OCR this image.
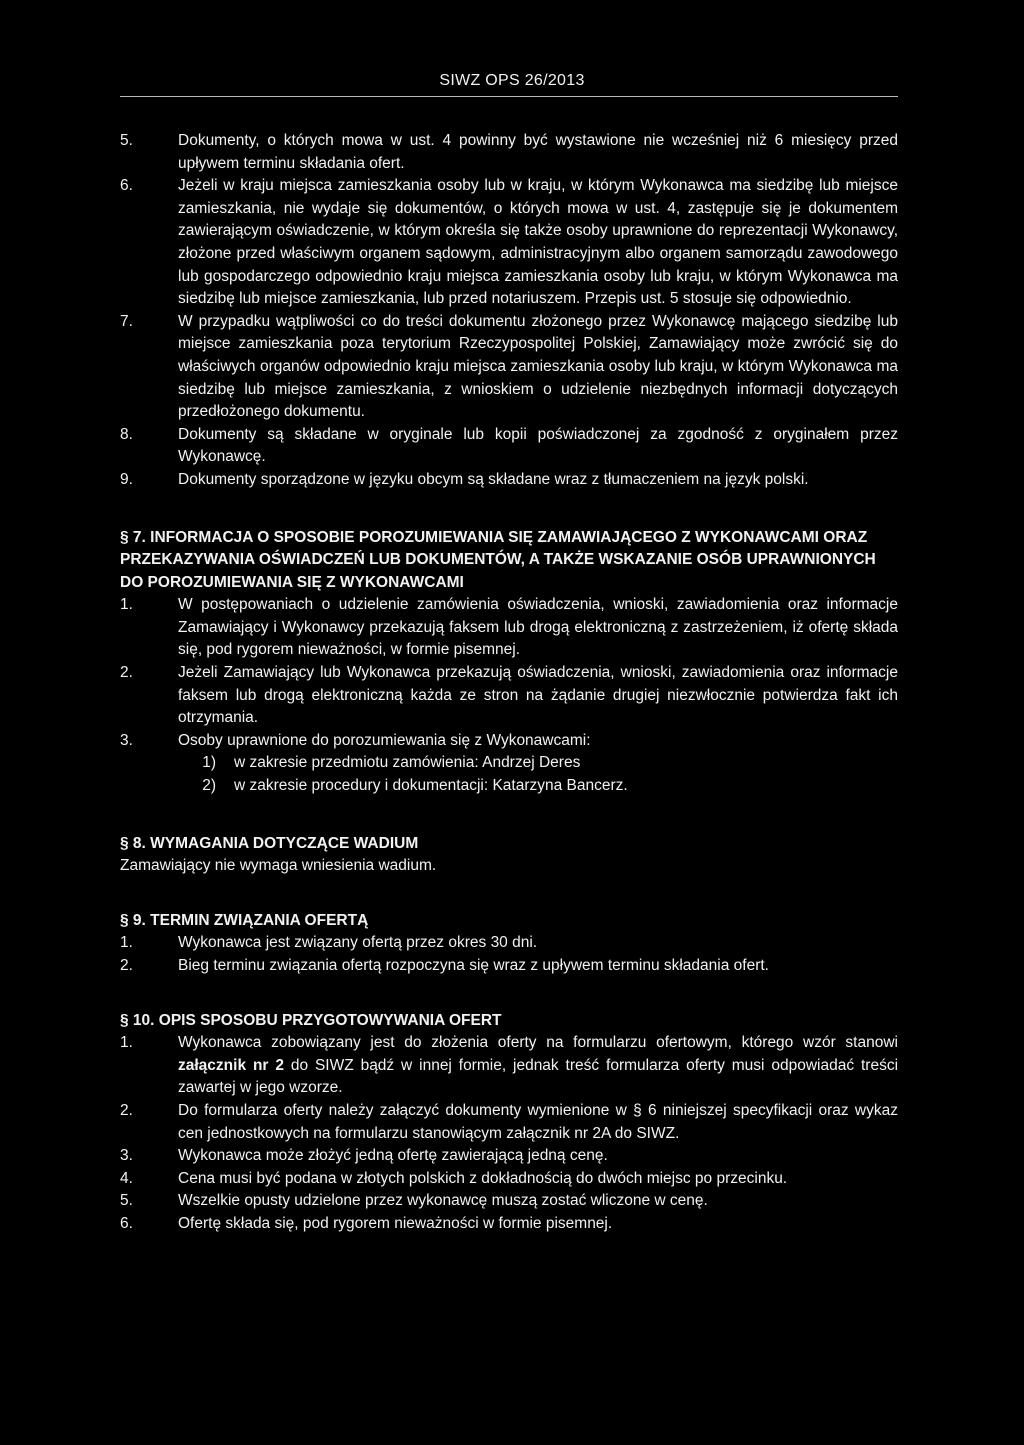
SIWZ OPS 26/2013
5.	Dokumenty, o których mowa w ust. 4 powinny być wystawione nie wcześniej niż 6 miesięcy przed upływem terminu składania ofert.
6.	Jeżeli w kraju miejsca zamieszkania osoby lub w kraju, w którym Wykonawca ma siedzibę lub miejsce zamieszkania, nie wydaje się dokumentów, o których mowa w ust. 4, zastępuje się je dokumentem zawierającym oświadczenie, w którym określa się także osoby uprawnione do reprezentacji Wykonawcy, złożone przed właściwym organem sądowym, administracyjnym albo organem samorządu zawodowego lub gospodarczego odpowiednio kraju miejsca zamieszkania osoby lub kraju, w którym Wykonawca ma siedzibę lub miejsce zamieszkania, lub przed notariuszem. Przepis ust. 5 stosuje się odpowiednio.
7.	W przypadku wątpliwości co do treści dokumentu złożonego przez Wykonawcę mającego siedzibę lub miejsce zamieszkania poza terytorium Rzeczypospolitej Polskiej, Zamawiający może zwrócić się do właściwych organów odpowiednio kraju miejsca zamieszkania osoby lub kraju, w którym Wykonawca ma siedzibę lub miejsce zamieszkania, z wnioskiem o udzielenie niezbędnych informacji dotyczących przedłożonego dokumentu.
8.	Dokumenty są składane w oryginale lub kopii poświadczonej za zgodność z oryginałem przez Wykonawcę.
9.	Dokumenty sporządzone w języku obcym są składane wraz z tłumaczeniem na język polski.
§ 7. INFORMACJA O SPOSOBIE POROZUMIEWANIA SIĘ ZAMAWIAJĄCEGO Z WYKONAWCAMI ORAZ PRZEKAZYWANIA OŚWIADCZEŃ LUB DOKUMENTÓW, A TAKŻE WSKAZANIE OSÓB UPRAWNIONYCH DO POROZUMIEWANIA SIĘ Z WYKONAWCAMI
1.	W postępowaniach o udzielenie zamówienia oświadczenia, wnioski, zawiadomienia oraz informacje Zamawiający i Wykonawcy przekazują faksem lub drogą elektroniczną z zastrzeżeniem, iż ofertę składa się, pod rygorem nieważności, w formie pisemnej.
2.	Jeżeli Zamawiający lub Wykonawca przekazują oświadczenia, wnioski, zawiadomienia oraz informacje faksem lub drogą elektroniczną każda ze stron na żądanie drugiej niezwłocznie potwierdza fakt ich otrzymania.
3.	Osoby uprawnione do porozumiewania się z Wykonawcami:
1)	w zakresie przedmiotu zamówienia: Andrzej Deres
2)	w zakresie procedury i dokumentacji: Katarzyna Bancerz.
§ 8. WYMAGANIA DOTYCZĄCE WADIUM
Zamawiający nie wymaga wniesienia wadium.
§ 9. TERMIN ZWIĄZANIA OFERTĄ
1.	Wykonawca jest związany ofertą przez okres 30 dni.
2.	Bieg terminu związania ofertą rozpoczyna się wraz z upływem terminu składania ofert.
§ 10. OPIS SPOSOBU PRZYGOTOWYWANIA OFERT
1.	Wykonawca zobowiązany jest do złożenia oferty na formularzu ofertowym, którego wzór stanowi załącznik nr 2 do SIWZ bądź w innej formie, jednak treść formularza oferty musi odpowiadać treści zawartej w jego wzorze.
2.	Do formularza oferty należy załączyć dokumenty wymienione w § 6 niniejszej specyfikacji oraz wykaz cen jednostkowych na formularzu stanowiącym załącznik nr 2A do SIWZ.
3.	Wykonawca może złożyć jedną ofertę zawierającą jedną cenę.
4.	Cena musi być podana w złotych polskich z dokładnością do dwóch miejsc po przecinku.
5.	Wszelkie opusty udzielone przez wykonawcę muszą zostać wliczone w cenę.
6.	Ofertę składa się, pod rygorem nieważności w formie pisemnej.
